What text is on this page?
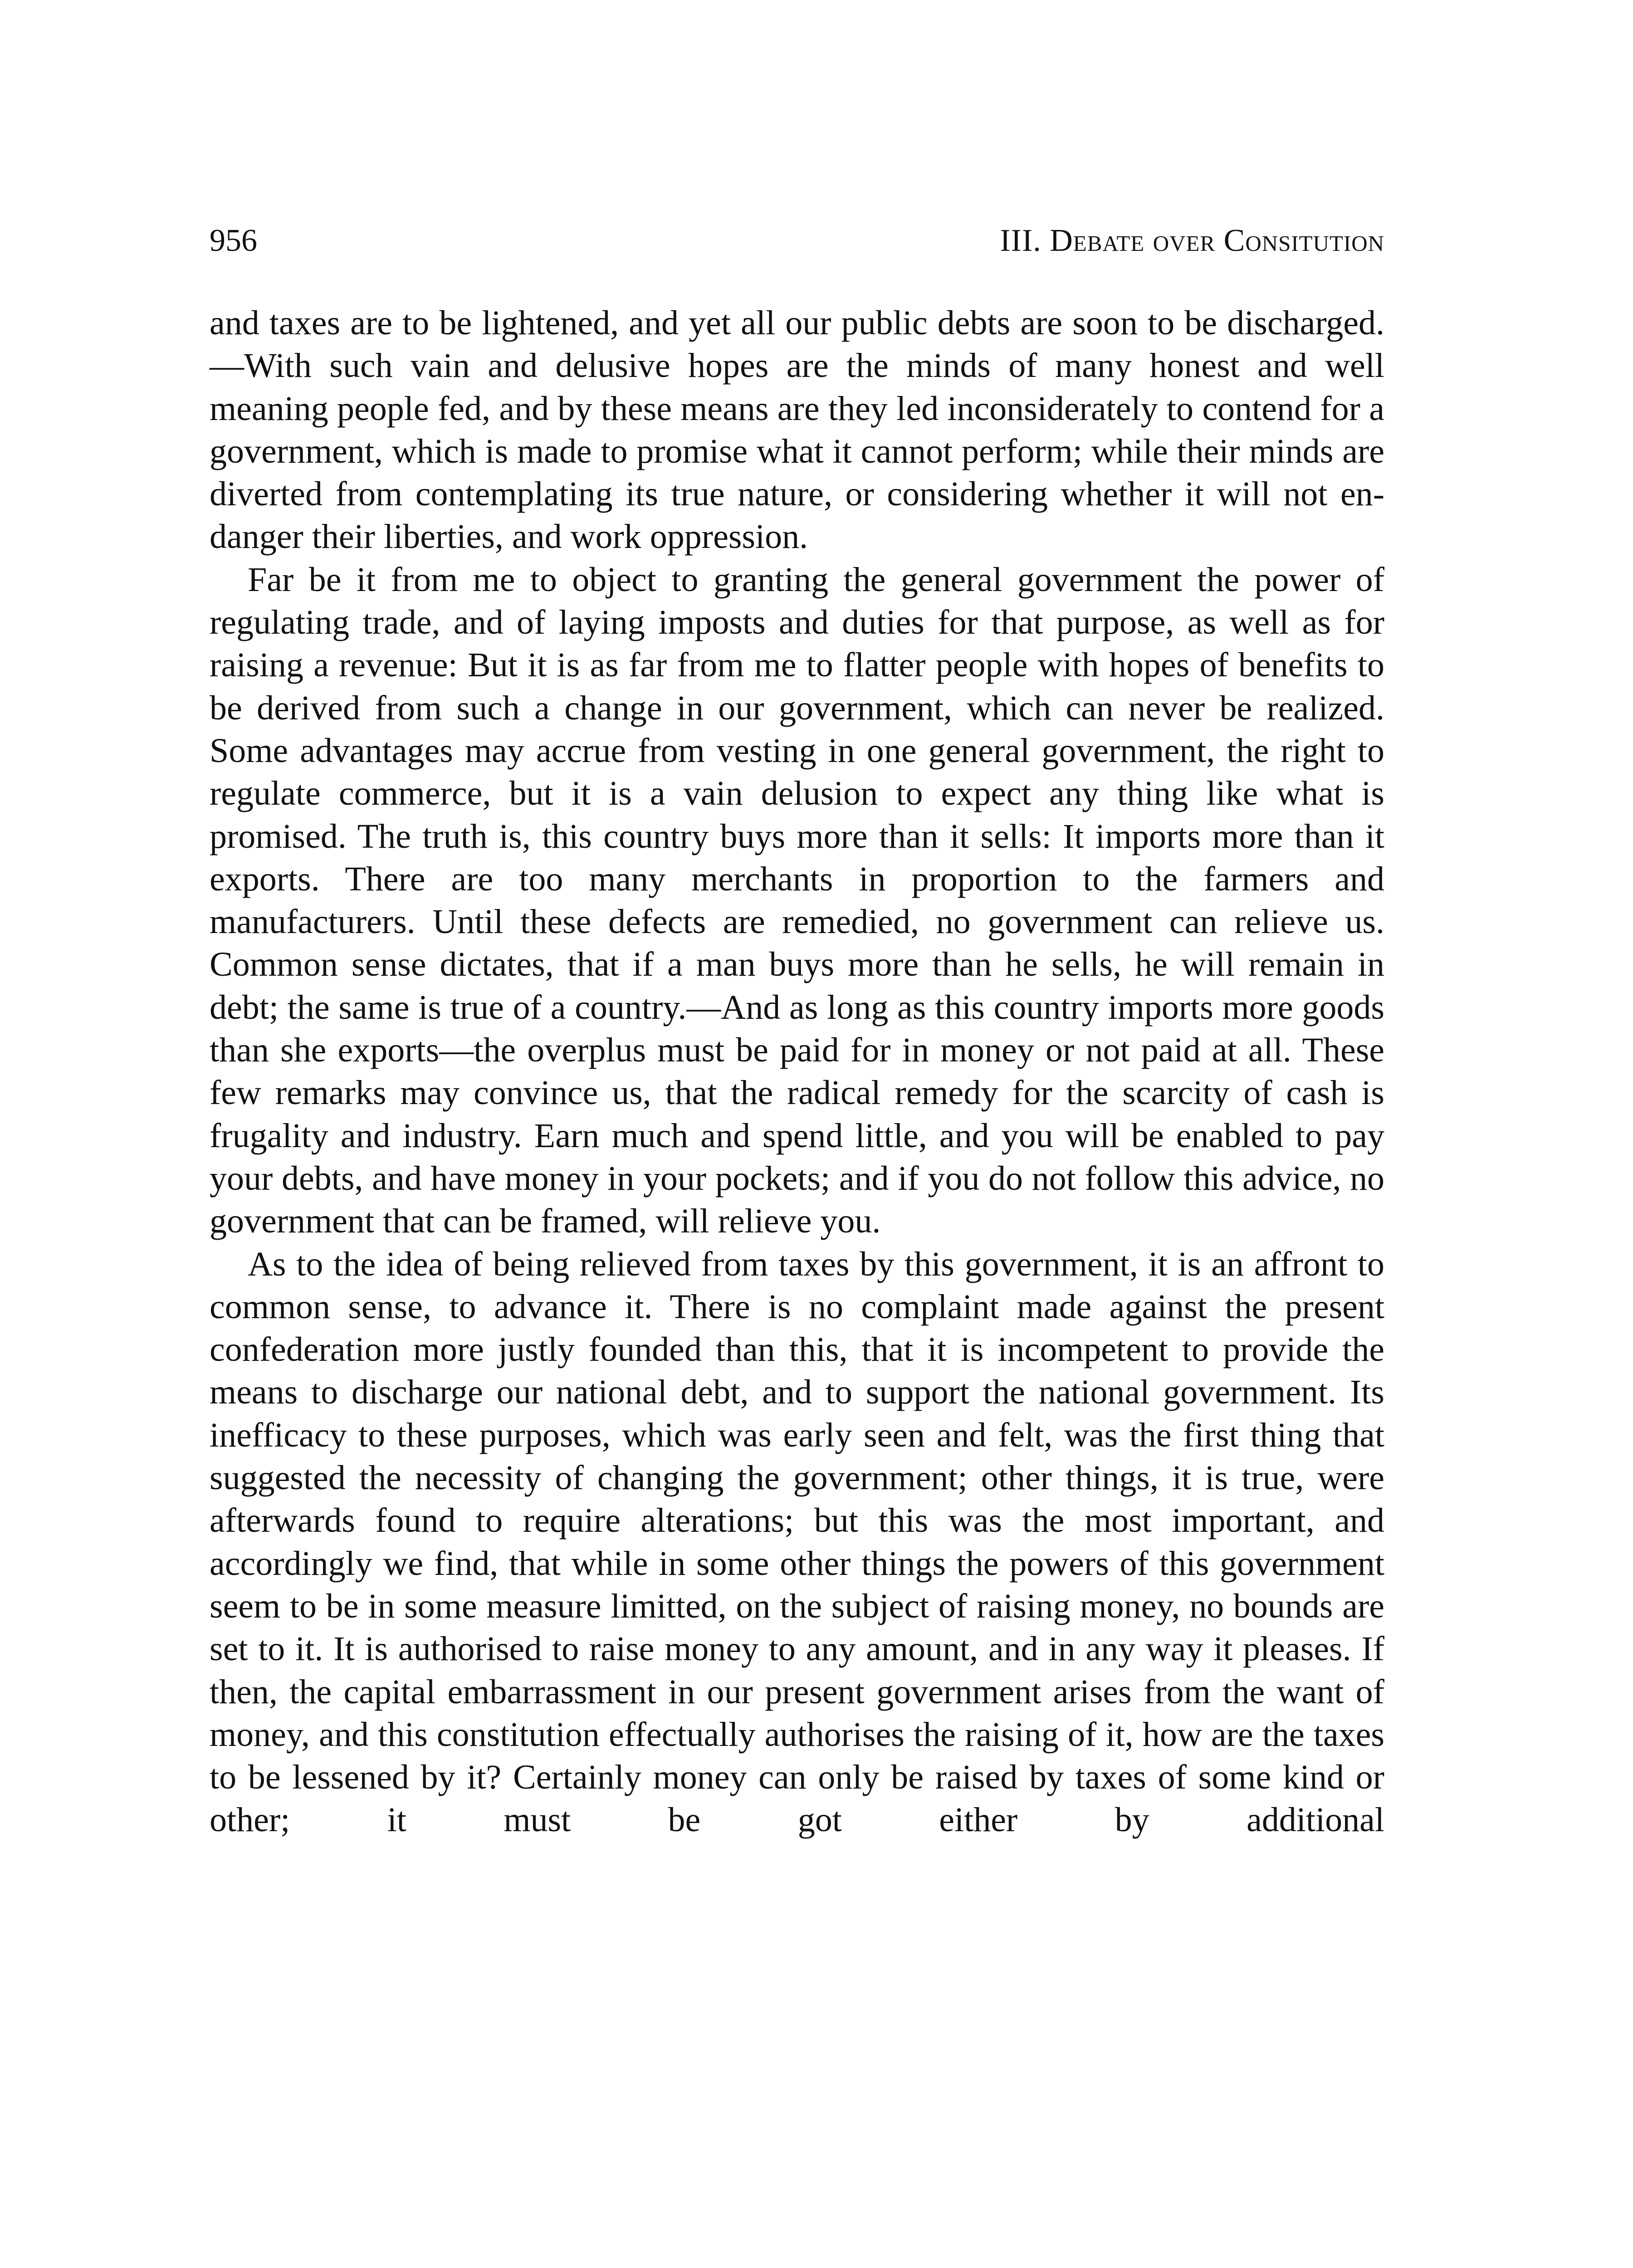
956	III. Debate over Consitution

and taxes are to be lightened, and yet all our public debts are soon to be discharged.—With such vain and delusive hopes are the minds of many honest and well meaning people fed, and by these means are they led inconsiderately to contend for a government, which is made to promise what it cannot perform; while their minds are diverted from contemplating its true nature, or considering whether it will not endanger their liberties, and work oppression.

Far be it from me to object to granting the general government the power of regulating trade, and of laying imposts and duties for that purpose, as well as for raising a revenue: But it is as far from me to flatter people with hopes of benefits to be derived from such a change in our government, which can never be realized. Some advantages may accrue from vesting in one general government, the right to regulate commerce, but it is a vain delusion to expect any thing like what is promised. The truth is, this country buys more than it sells: It imports more than it exports. There are too many merchants in proportion to the farmers and manufacturers. Until these defects are remedied, no government can relieve us. Common sense dictates, that if a man buys more than he sells, he will remain in debt; the same is true of a country.—And as long as this country imports more goods than she exports—the overplus must be paid for in money or not paid at all. These few remarks may convince us, that the radical remedy for the scarcity of cash is frugality and industry. Earn much and spend little, and you will be enabled to pay your debts, and have money in your pockets; and if you do not follow this advice, no government that can be framed, will relieve you.

As to the idea of being relieved from taxes by this government, it is an affront to common sense, to advance it. There is no complaint made against the present confederation more justly founded than this, that it is incompetent to provide the means to discharge our national debt, and to support the national government. Its inefficacy to these purposes, which was early seen and felt, was the first thing that suggested the necessity of changing the government; other things, it is true, were afterwards found to require alterations; but this was the most important, and accordingly we find, that while in some other things the powers of this government seem to be in some measure limitted, on the subject of raising money, no bounds are set to it. It is authorised to raise money to any amount, and in any way it pleases. If then, the capital embarrassment in our present government arises from the want of money, and this constitution effectually authorises the raising of it, how are the taxes to be lessened by it? Certainly money can only be raised by taxes of some kind or other; it must be got either by additional
